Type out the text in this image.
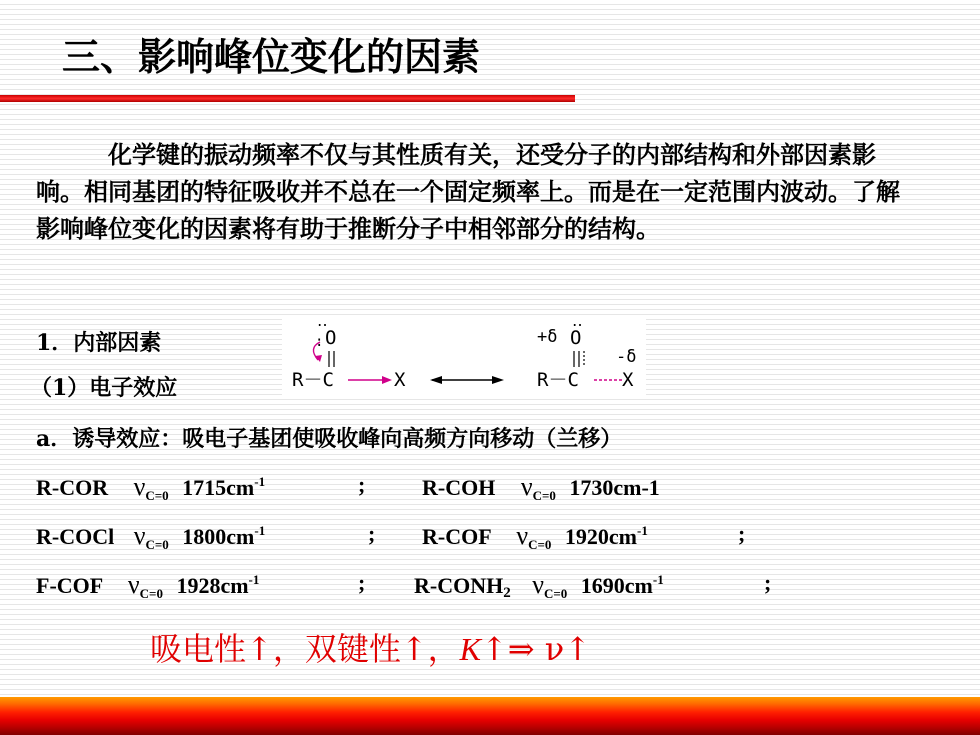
三、影响峰位变化的因素
化学键的振动频率不仅与其性质有关，还受分子的内部结构和外部因素影响。相同基团的特征吸收并不总在一个固定频率上。而是在一定范围内波动。了解影响峰位变化的因素将有助于推断分子中相邻部分的结构。
1．内部因素
（1）电子效应
‥
: O
R－C	X
+δ
‥
O
-δ
R－C X
a．诱导效应：吸电子基团使吸收峰向高频方向移动（兰移）
R-COR $\nu_{C=0}$ $1715cm^{-1}$	;	R-COH $\nu_{C=0}$ 1730cm-1
R-COCl $\nu_{C=0}$ $1800cm^{-1}$	; R-COF $\nu_{C=0}$ $1920cm^{-1}$	;
F-COF $\nu_{C=0}$ $1928cm^{-1}$	; $R-CONH_2$ $\nu_{C=0}$ $1690cm^{-1}$	;
吸电性↑，双键性↑，K↑⇒ ν↑
